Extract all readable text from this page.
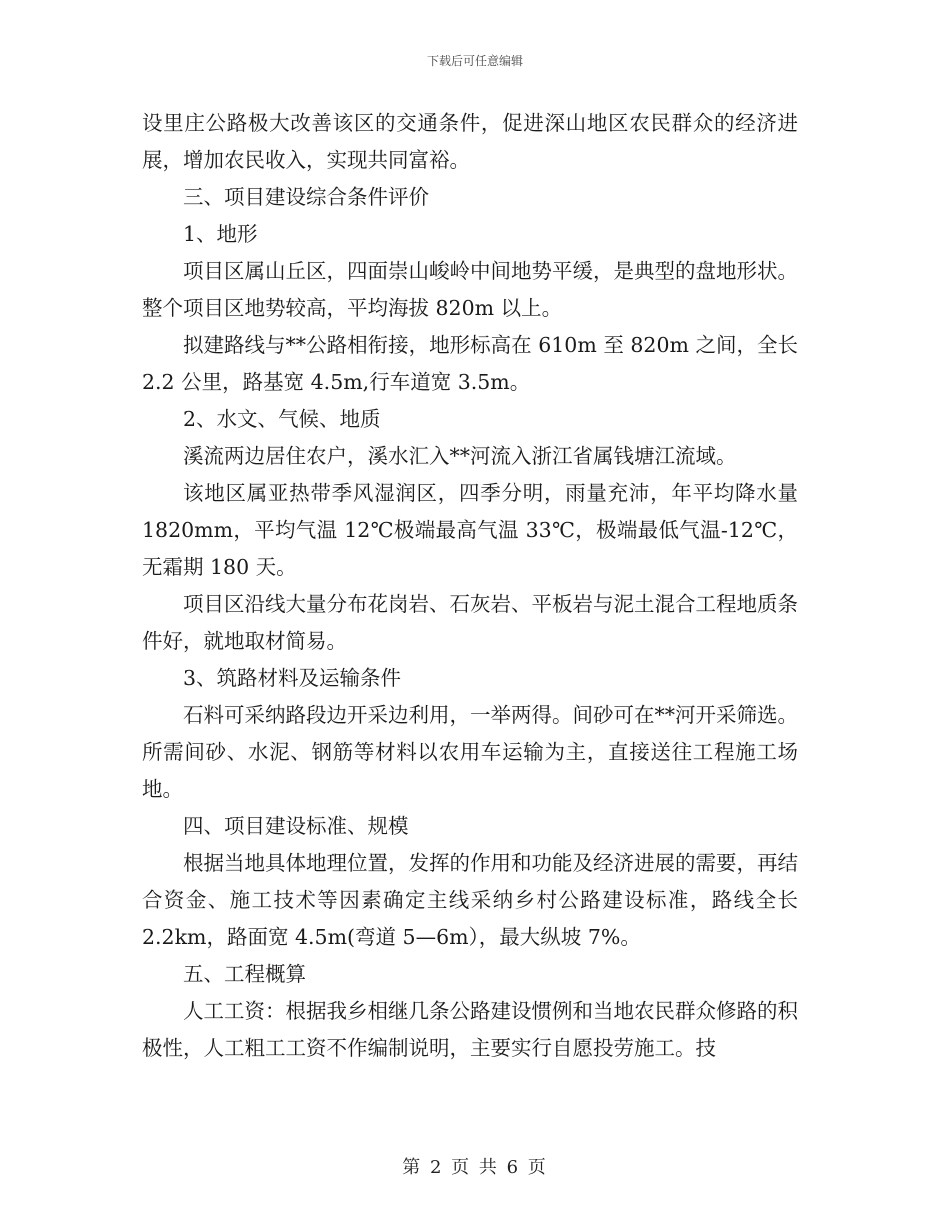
下载后可任意编辑

设里庄公路极大改善该区的交通条件，促进深山地区农民群众的经济进展，增加农民收入，实现共同富裕。

三、项目建设综合条件评价

1、地形

项目区属山丘区，四面崇山峻岭中间地势平缓，是典型的盘地形状。整个项目区地势较高，平均海拔 820m 以上。

拟建路线与**公路相衔接，地形标高在 610m 至 820m 之间，全长 2.2 公里，路基宽 4.5m,行车道宽 3.5m。

2、水文、气候、地质

溪流两边居住农户，溪水汇入**河流入浙江省属钱塘江流域。

该地区属亚热带季风湿润区，四季分明，雨量充沛，年平均降水量 1820mm，平均气温 12℃极端最高气温 33℃，极端最低气温-12℃，无霜期 180 天。

项目区沿线大量分布花岗岩、石灰岩、平板岩与泥土混合工程地质条件好，就地取材简易。

3、筑路材料及运输条件

石料可采纳路段边开采边利用，一举两得。间砂可在**河开采筛选。所需间砂、水泥、钢筋等材料以农用车运输为主，直接送往工程施工场地。

四、项目建设标准、规模

根据当地具体地理位置，发挥的作用和功能及经济进展的需要，再结合资金、施工技术等因素确定主线采纳乡村公路建设标准，路线全长 2.2km，路面宽 4.5m(弯道 5—6m），最大纵坡 7%。

五、工程概算

人工工资：根据我乡相继几条公路建设惯例和当地农民群众修路的积极性，人工粗工工资不作编制说明，主要实行自愿投劳施工。技

第 2 页 共 6 页
